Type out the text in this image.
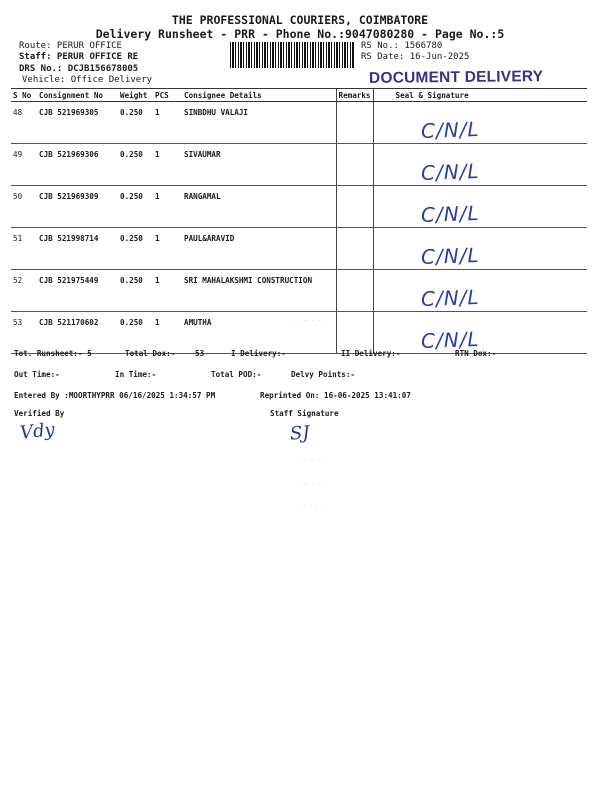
THE PROFESSIONAL COURIERS, COIMBATORE
Delivery Runsheet - PRR - Phone No.:9047080280 - Page No.:5
Route: PERUR OFFICE
Staff: PERUR OFFICE RE
DRS No.: DCJB156678005
Vehicle: Office Delivery
RS No.: 1566780
RS Date: 16-Jun-2025
DOCUMENT DELIVERY
S No	Consignment No	Weight	PCS	Consignee Details	Remarks	Seal & Signature
48	CJB 521969305	0.250	1	SINBDHU VALAJI		C/N/L
49	CJB 521969306	0.250	1	SIVAUMAR		C/N/L
50	CJB 521969309	0.250	1	RANGAMAL		C/N/L
51	CJB 521998714	0.250	1	PAUL&ARAVID		C/N/L
52	CJB 521975449	0.250	1	SRI MAHALAKSHMI CONSTRUCTION		C/N/L
53	CJB 521170602	0.250	1	AMUTHA		C/N/L
Tot. Runsheet:- 5	Total Dox:-	53	I Delivery:-	II Delivery:-	RTN Dox:-
Out Time:-	In Time:-	Total POD:-	Delvy Points:-
Entered By :MOORTHYPRR 06/16/2025 1:34:57 PM	Reprinted On: 16-06-2025 13:41:07
Verified By	Staff Signature
Vdy	SJ
· · ·· · · ·
· · ·· · ·
· ·· · · ·
· · · · ··
